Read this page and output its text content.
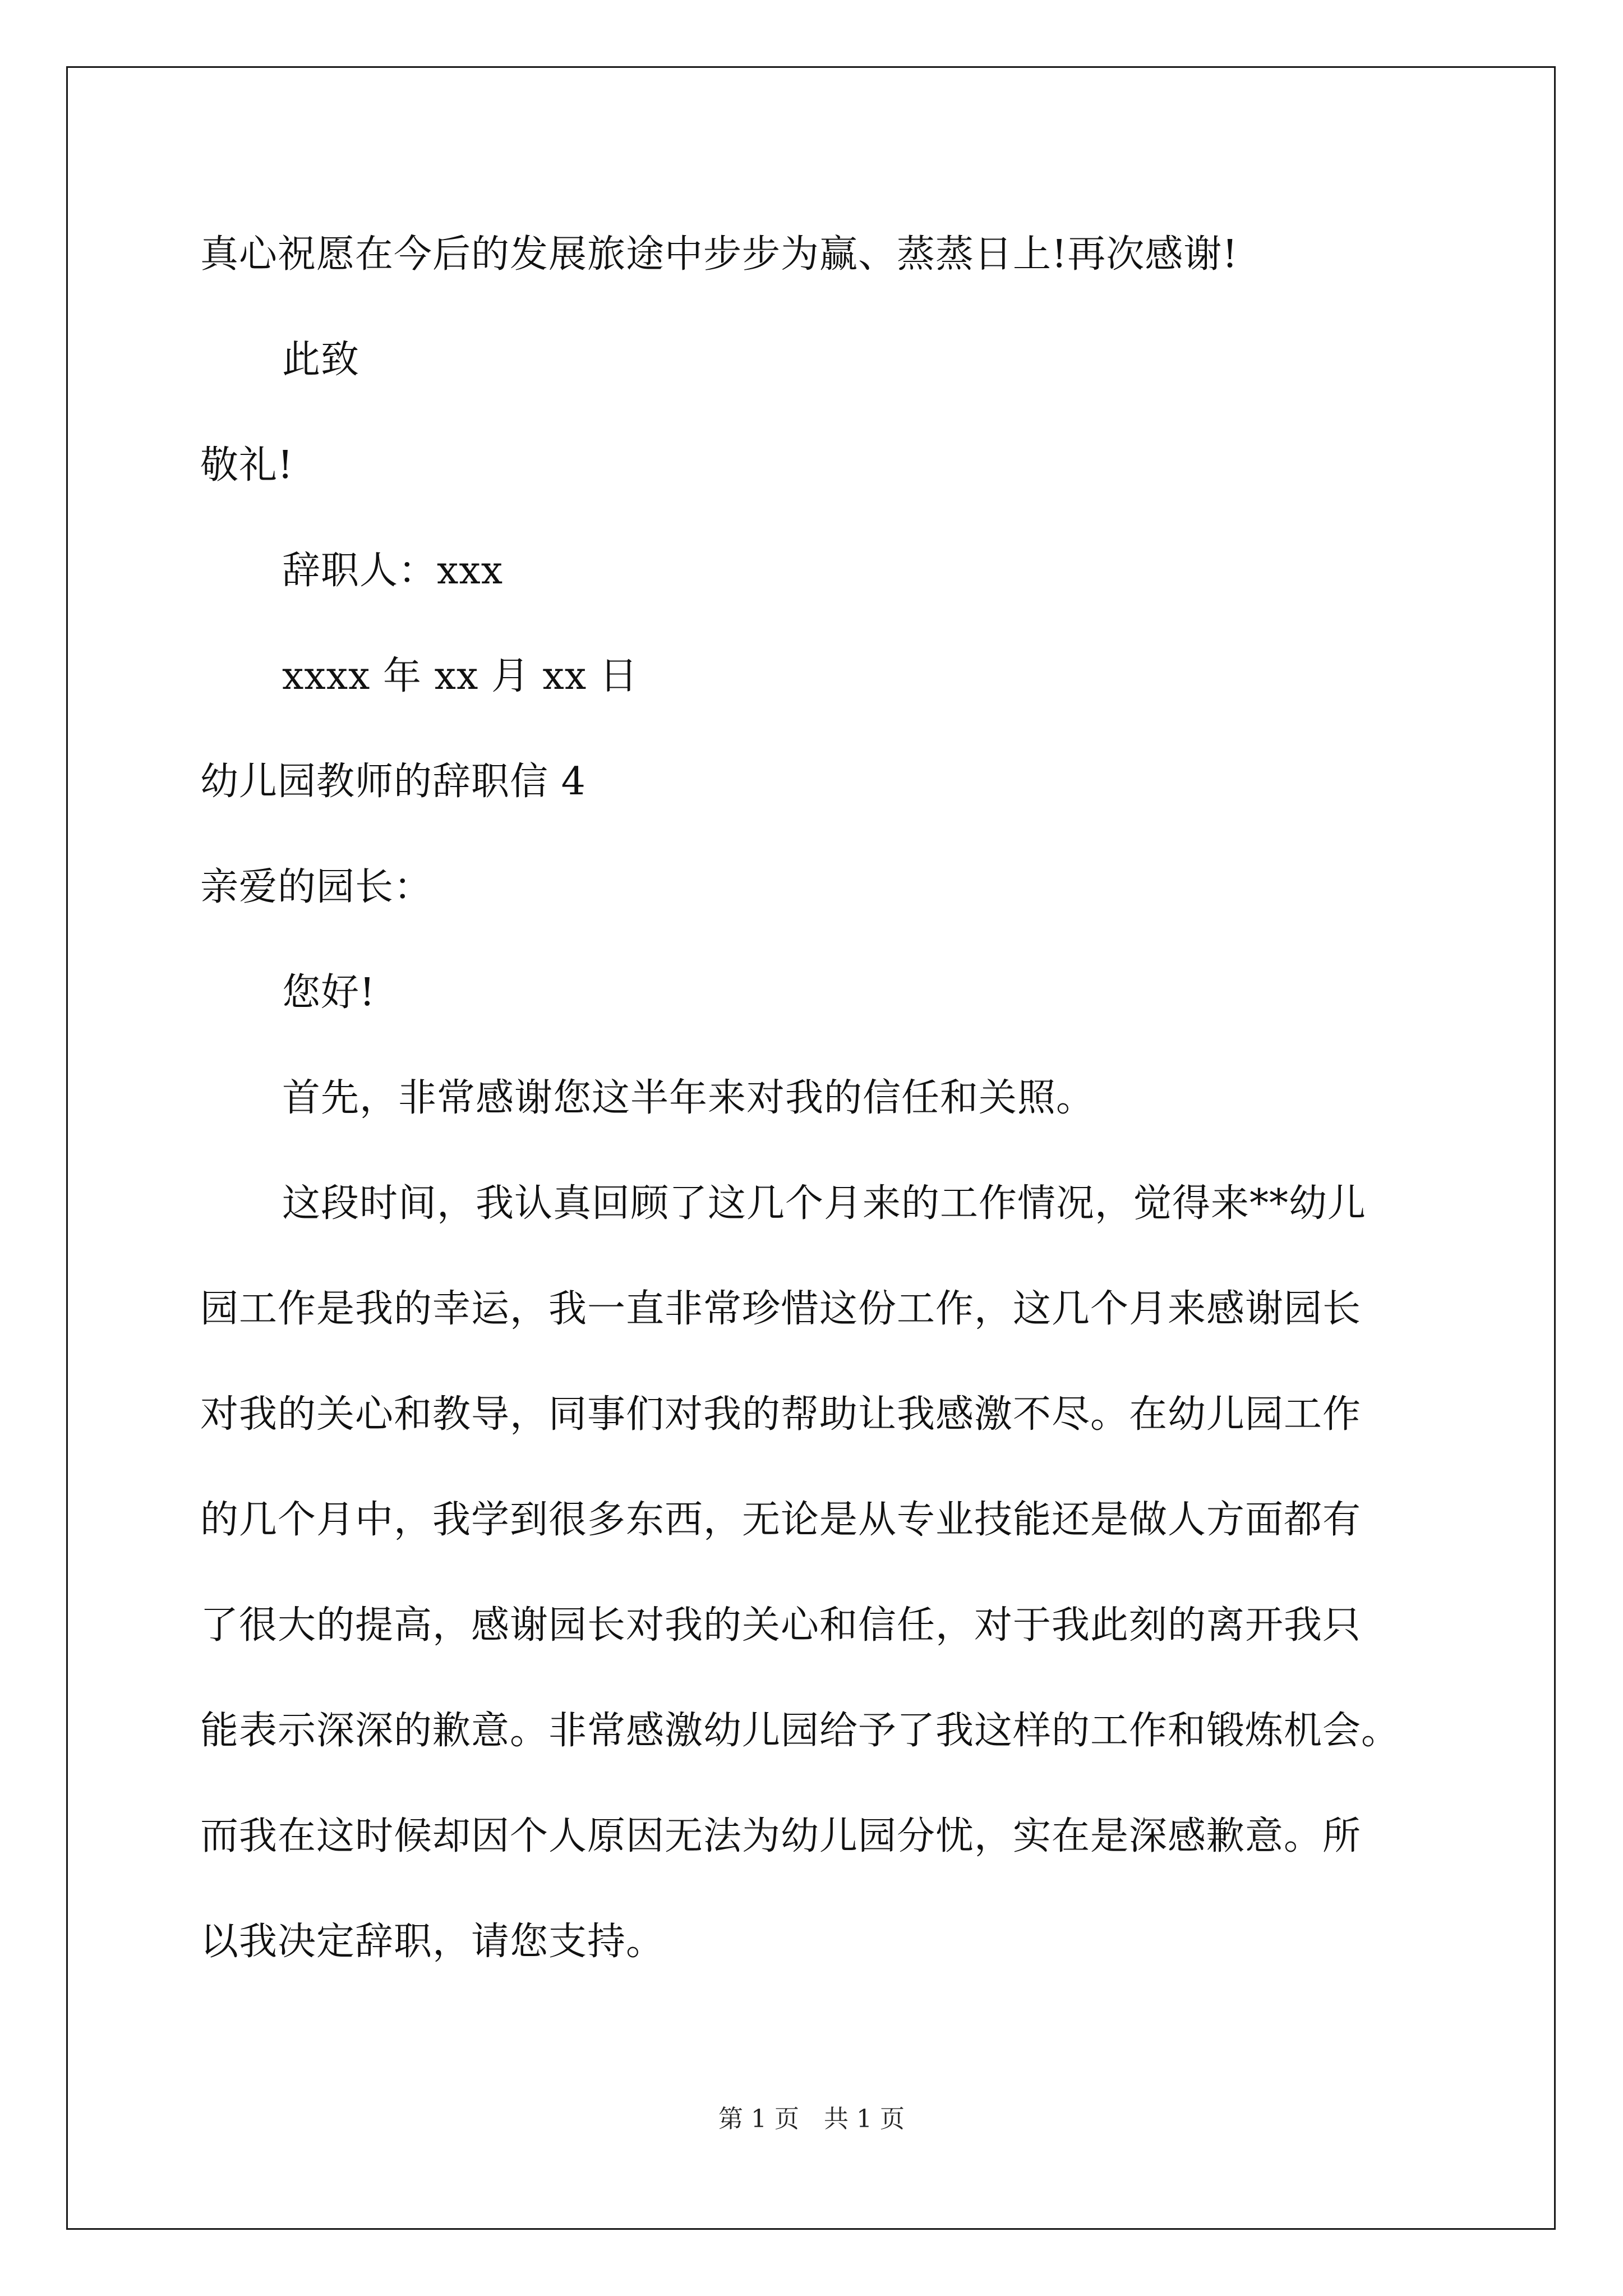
真心祝愿在今后的发展旅途中步步为赢、蒸蒸日上!再次感谢!
此致
敬礼!
辞职人：xxx
xxxx 年 xx 月 xx 日
幼儿园教师的辞职信 4
亲爱的园长：
您好!
首先，非常感谢您这半年来对我的信任和关照。
这段时间，我认真回顾了这几个月来的工作情况，觉得来**幼儿
园工作是我的幸运，我一直非常珍惜这份工作，这几个月来感谢园长
对我的关心和教导，同事们对我的帮助让我感激不尽。在幼儿园工作
的几个月中，我学到很多东西，无论是从专业技能还是做人方面都有
了很大的提高，感谢园长对我的关心和信任，对于我此刻的离开我只
能表示深深的歉意。非常感激幼儿园给予了我这样的工作和锻炼机会。
而我在这时候却因个人原因无法为幼儿园分忧，实在是深感歉意。所
以我决定辞职，请您支持。
第 1 页　共 1 页
